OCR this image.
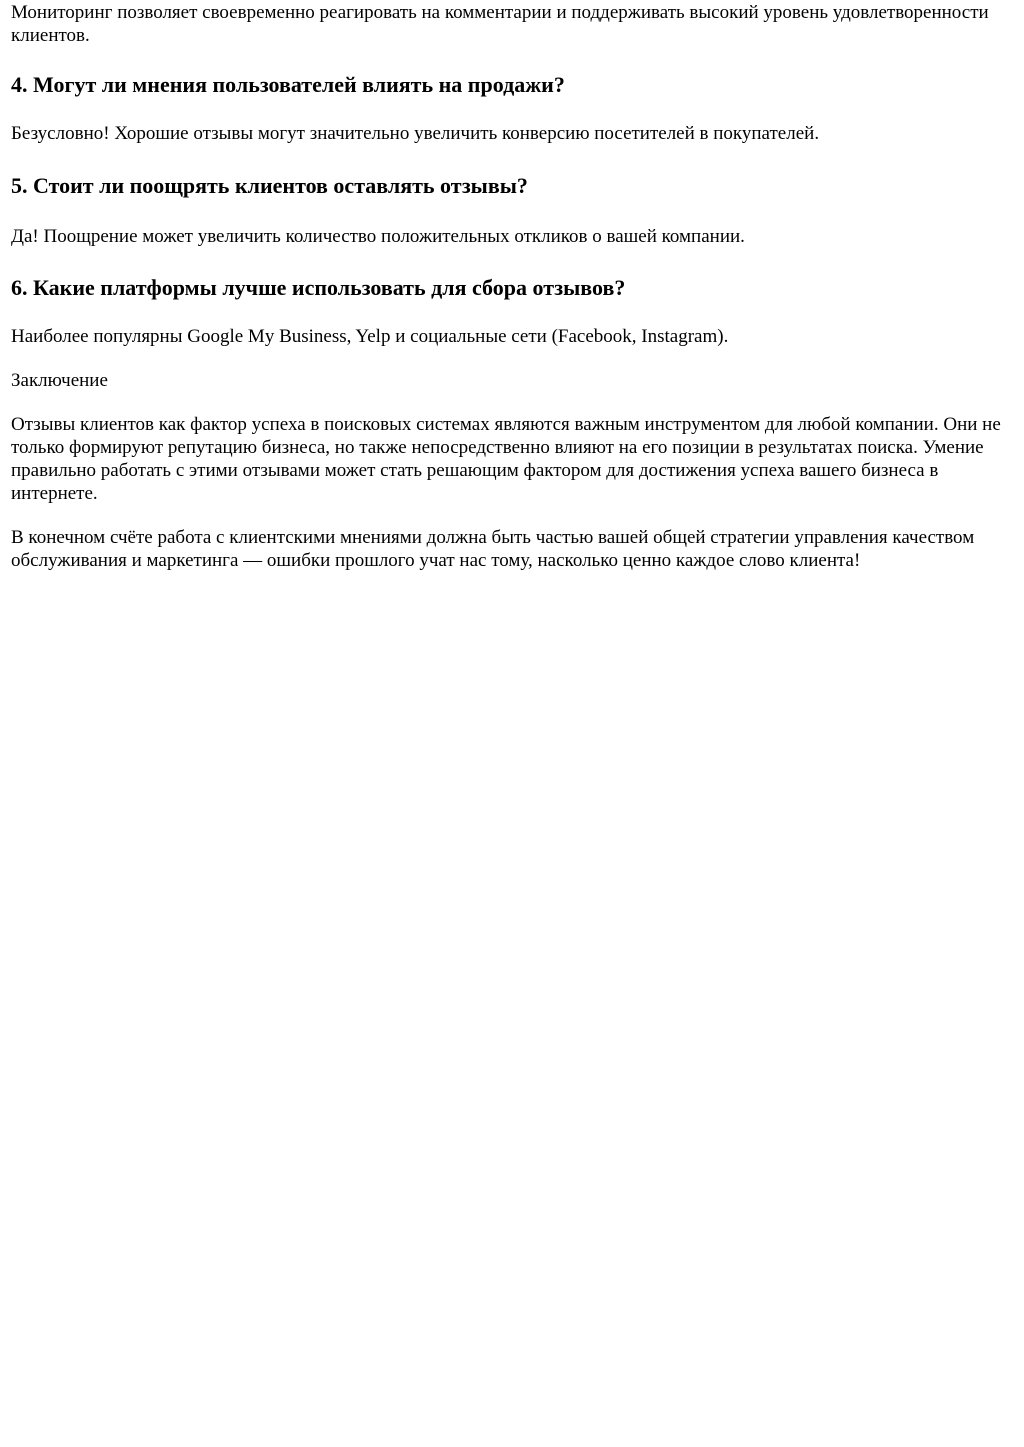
Мониторинг позволяет своевременно реагировать на комментарии и поддерживать высокий уровень удовлетворенности клиентов.

4. Могут ли мнения пользователей влиять на продажи?

Безусловно! Хорошие отзывы могут значительно увеличить конверсию посетителей в покупателей.

5. Стоит ли поощрять клиентов оставлять отзывы?

Да! Поощрение может увеличить количество положительных откликов о вашей компании.

6. Какие платформы лучше использовать для сбора отзывов?

Наиболее популярны Google My Business, Yelp и социальные сети (Facebook, Instagram).

Заключение

Отзывы клиентов как фактор успеха в поисковых системах являются важным инструментом для любой компании. Они не только формируют репутацию бизнеса, но также непосредственно влияют на его позиции в результатах поиска. Умение правильно работать с этими отзывами может стать решающим фактором для достижения успеха вашего бизнеса в интернете.

В конечном счёте работа с клиентскими мнениями должна быть частью вашей общей стратегии управления качеством обслуживания и маркетинга — ошибки прошлого учат нас тому, насколько ценно каждое слово клиента!
